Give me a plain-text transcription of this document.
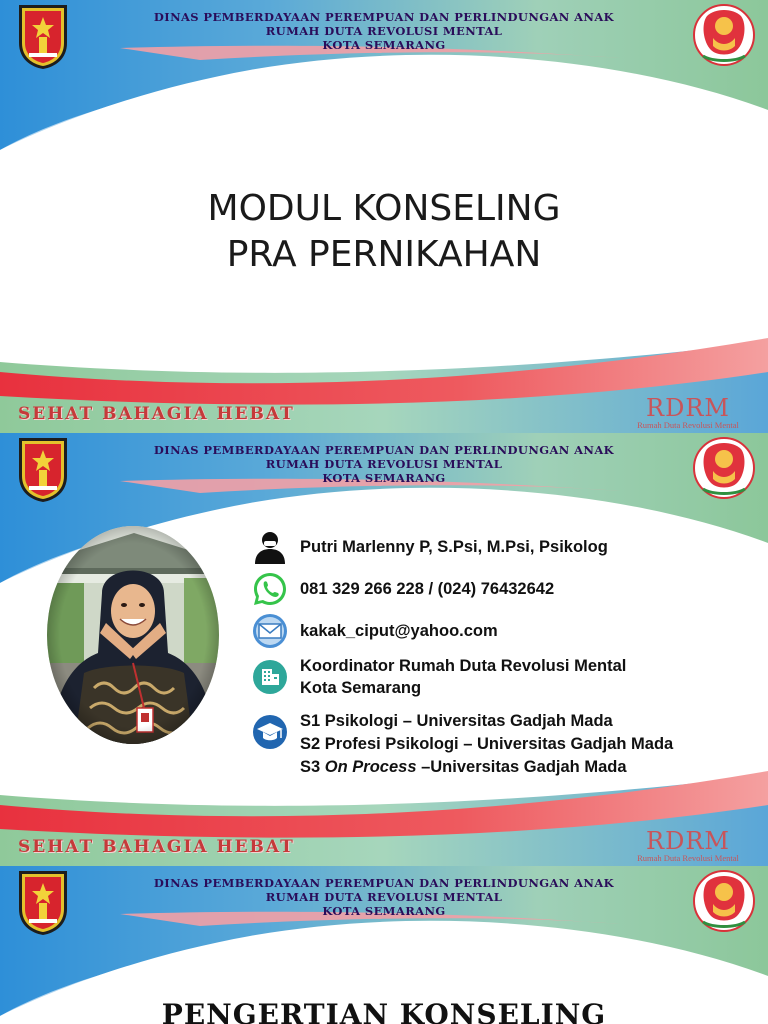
DINAS PEMBERDAYAAN PEREMPUAN DAN PERLINDUNGAN ANAK
RUMAH DUTA REVOLUSI MENTAL
KOTA SEMARANG
MODUL KONSELING
PRA PERNIKAHAN
SEHAT BAHAGIA HEBAT	RDRM
Rumah Duta Revolusi Mental
DINAS PEMBERDAYAAN PEREMPUAN DAN PERLINDUNGAN ANAK
RUMAH DUTA REVOLUSI MENTAL
KOTA SEMARANG
Putri Marlenny P, S.Psi, M.Psi, Psikolog
081 329 266 228 / (024) 76432642
kakak_ciput@yahoo.com
Koordinator Rumah Duta Revolusi Mental
Kota Semarang
S1 Psikologi – Universitas Gadjah Mada
S2 Profesi Psikologi – Universitas Gadjah Mada
S3 On Process –Universitas Gadjah Mada
SEHAT BAHAGIA HEBAT	RDRM
Rumah Duta Revolusi Mental
DINAS PEMBERDAYAAN PEREMPUAN DAN PERLINDUNGAN ANAK
RUMAH DUTA REVOLUSI MENTAL
KOTA SEMARANG
PENGERTIAN KONSELING
